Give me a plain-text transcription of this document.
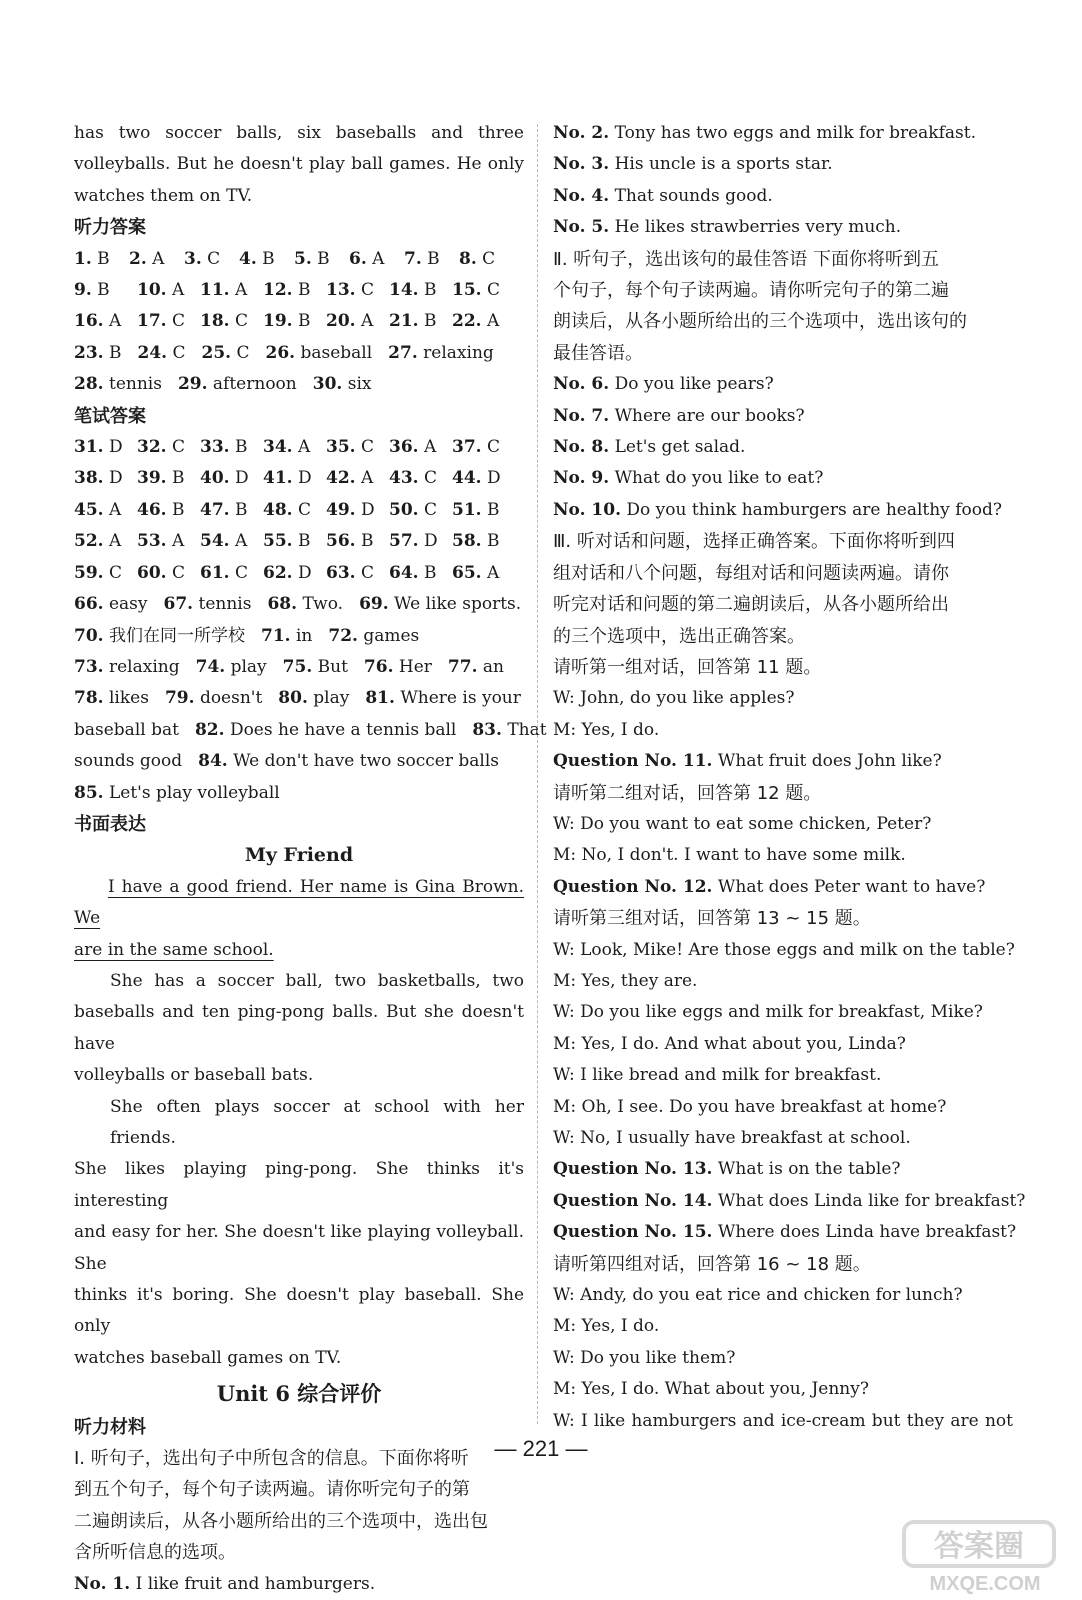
has two soccer balls, six baseballs and three
volleyballs. But he doesn't play ball games. He only
watches them on TV.
听力答案
1. B	2. A	3. C	4. B	5. B	6. A	7. B	8. C
9. B	10. A 11. A 12. B 13. C 14. B 15. C
16. A 17. C 18. C 19. B 20. A 21. B 22. A
23. B 24. C 25. C 26. baseball 27. relaxing
28. tennis 29. afternoon 30. six
笔试答案
31. D 32. C 33. B 34. A 35. C 36. A 37. C
38. D 39. B 40. D 41. D 42. A 43. C 44. D
45. A 46. B 47. B 48. C 49. D 50. C 51. B
52. A 53. A 54. A 55. B 56. B 57. D 58. B
59. C 60. C 61. C 62. D 63. C 64. B 65. A
66. easy 67. tennis 68. Two. 69. We like sports.
70. 我们在同一所学校 71. in 72. games
73. relaxing 74. play 75. But 76. Her 77. an
78. likes 79. doesn't 80. play 81. Where is your
baseball bat 82. Does he have a tennis ball 83. That
sounds good 84. We don't have two soccer balls
85. Let's play volleyball
书面表达
My Friend
I have a good friend. Her name is Gina Brown. We
are in the same school.
She has a soccer ball, two basketballs, two
baseballs and ten ping-pong balls. But she doesn't have
volleyballs or baseball bats.
She often plays soccer at school with her friends.
She likes playing ping-pong. She thinks it's interesting
and easy for her. She doesn't like playing volleyball. She
thinks it's boring. She doesn't play baseball. She only
watches baseball games on TV.
Unit 6 综合评价
听力材料
Ⅰ. 听句子，选出句子中所包含的信息。下面你将听
到五个句子，每个句子读两遍。请你听完句子的第
二遍朗读后，从各小题所给出的三个选项中，选出包
含所听信息的选项。
No. 1. I like fruit and hamburgers.
No. 2. Tony has two eggs and milk for breakfast.
No. 3. His uncle is a sports star.
No. 4. That sounds good.
No. 5. He likes strawberries very much.
Ⅱ. 听句子，选出该句的最佳答语 下面你将听到五
个句子，每个句子读两遍。请你听完句子的第二遍
朗读后，从各小题所给出的三个选项中，选出该句的
最佳答语。
No. 6. Do you like pears?
No. 7. Where are our books?
No. 8. Let's get salad.
No. 9. What do you like to eat?
No. 10. Do you think hamburgers are healthy food?
Ⅲ. 听对话和问题，选择正确答案。下面你将听到四
组对话和八个问题，每组对话和问题读两遍。请你
听完对话和问题的第二遍朗读后，从各小题所给出
的三个选项中，选出正确答案。
请听第一组对话，回答第 11 题。
W: John, do you like apples?
M: Yes, I do.
Question No. 11. What fruit does John like?
请听第二组对话，回答第 12 题。
W: Do you want to eat some chicken, Peter?
M: No, I don't. I want to have some milk.
Question No. 12. What does Peter want to have?
请听第三组对话，回答第 13 ~ 15 题。
W: Look, Mike! Are those eggs and milk on the table?
M: Yes, they are.
W: Do you like eggs and milk for breakfast, Mike?
M: Yes, I do. And what about you, Linda?
W: I like bread and milk for breakfast.
M: Oh, I see. Do you have breakfast at home?
W: No, I usually have breakfast at school.
Question No. 13. What is on the table?
Question No. 14. What does Linda like for breakfast?
Question No. 15. Where does Linda have breakfast?
请听第四组对话，回答第 16 ~ 18 题。
W: Andy, do you eat rice and chicken for lunch?
M: Yes, I do.
W: Do you like them?
M: Yes, I do. What about you, Jenny?
W: I like hamburgers and ice-cream but they are not
— 221 —
答案圈
MXQE.COM
